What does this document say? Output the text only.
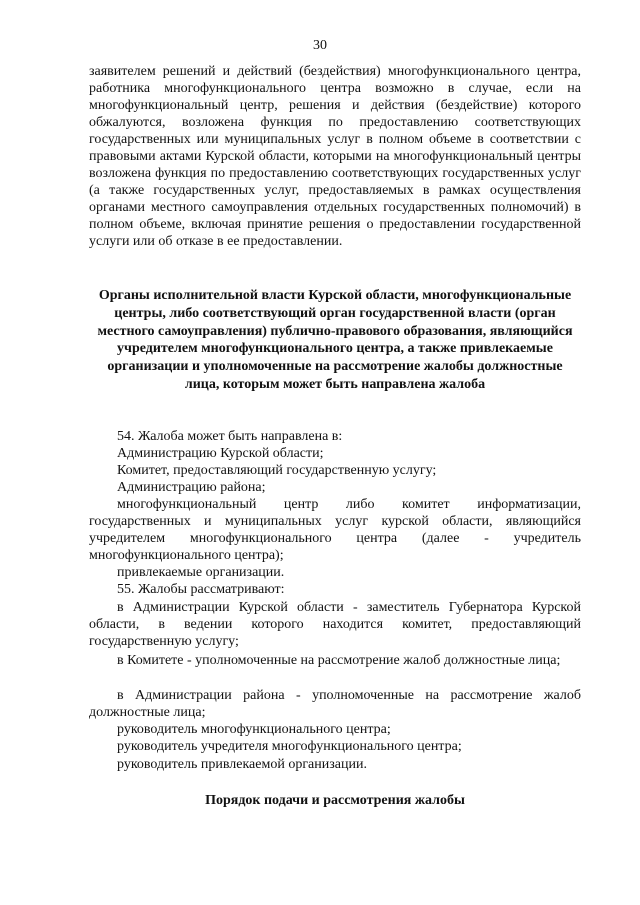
30
заявителем решений и действий (бездействия) многофункционального центра, работника многофункционального центра возможно в случае, если на многофункциональный центр, решения и действия (бездействие) которого обжалуются, возложена функция по предоставлению соответствующих государственных или муниципальных услуг в полном объеме в соответствии с правовыми актами Курской области, которыми на многофункциональный центры возложена функция по предоставлению соответствующих государственных услуг (а также государственных услуг, предоставляемых в рамках осуществления органами местного самоуправления отдельных государственных полномочий) в полном объеме, включая принятие решения о предоставлении государственной услуги или об отказе в ее предоставлении.
Органы исполнительной власти Курской области, многофункциональные центры, либо соответствующий орган государственной власти (орган местного самоуправления) публично-правового образования, являющийся учредителем многофункционального центра, а также привлекаемые организации и уполномоченные на рассмотрение жалобы должностные лица, которым может быть направлена жалоба
54. Жалоба может быть направлена в:
Администрацию Курской области;
Комитет, предоставляющий государственную услугу;
Администрацию района;
многофункциональный центр либо комитет информатизации, государственных и муниципальных услуг курской области, являющийся учредителем многофункционального центра (далее - учредитель многофункционального центра);
привлекаемые организации.
55. Жалобы рассматривают:
в Администрации Курской области - заместитель Губернатора Курской области, в ведении которого находится комитет, предоставляющий государственную услугу;
в Комитете - уполномоченные на рассмотрение жалоб должностные лица;
в Администрации района - уполномоченные на рассмотрение жалоб должностные лица;
руководитель многофункционального центра;
руководитель учредителя многофункционального центра;
руководитель привлекаемой организации.
Порядок подачи и рассмотрения жалобы
